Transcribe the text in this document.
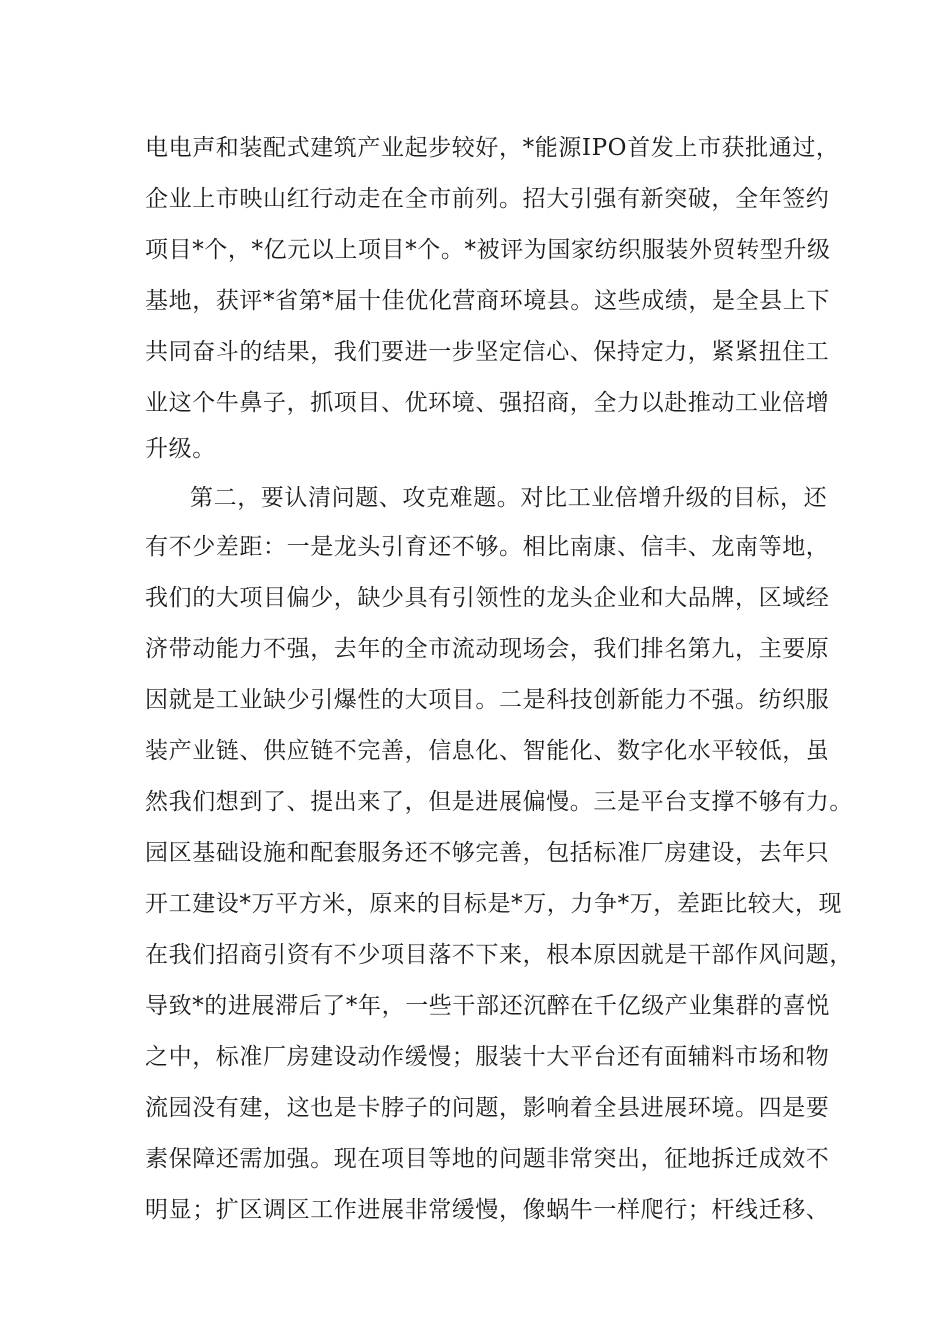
电电声和装配式建筑产业起步较好，*能源IPO首发上市获批通过，
企业上市映山红行动走在全市前列。招大引强有新突破，全年签约
项目*个，*亿元以上项目*个。*被评为国家纺织服装外贸转型升级
基地，获评*省第*届十佳优化营商环境县。这些成绩，是全县上下
共同奋斗的结果，我们要进一步坚定信心、保持定力，紧紧扭住工
业这个牛鼻子，抓项目、优环境、强招商，全力以赴推动工业倍增
升级。
第二，要认清问题、攻克难题。对比工业倍增升级的目标，还
有不少差距：一是龙头引育还不够。相比南康、信丰、龙南等地，
我们的大项目偏少，缺少具有引领性的龙头企业和大品牌，区域经
济带动能力不强，去年的全市流动现场会，我们排名第九，主要原
因就是工业缺少引爆性的大项目。二是科技创新能力不强。纺织服
装产业链、供应链不完善，信息化、智能化、数字化水平较低，虽
然我们想到了、提出来了，但是进展偏慢。三是平台支撑不够有力。
园区基础设施和配套服务还不够完善，包括标准厂房建设，去年只
开工建设*万平方米，原来的目标是*万，力争*万，差距比较大，现
在我们招商引资有不少项目落不下来，根本原因就是干部作风问题，
导致*的进展滞后了*年，一些干部还沉醉在千亿级产业集群的喜悦
之中，标准厂房建设动作缓慢；服装十大平台还有面辅料市场和物
流园没有建，这也是卡脖子的问题，影响着全县进展环境。四是要
素保障还需加强。现在项目等地的问题非常突出，征地拆迁成效不
明显；扩区调区工作进展非常缓慢，像蜗牛一样爬行；杆线迁移、
